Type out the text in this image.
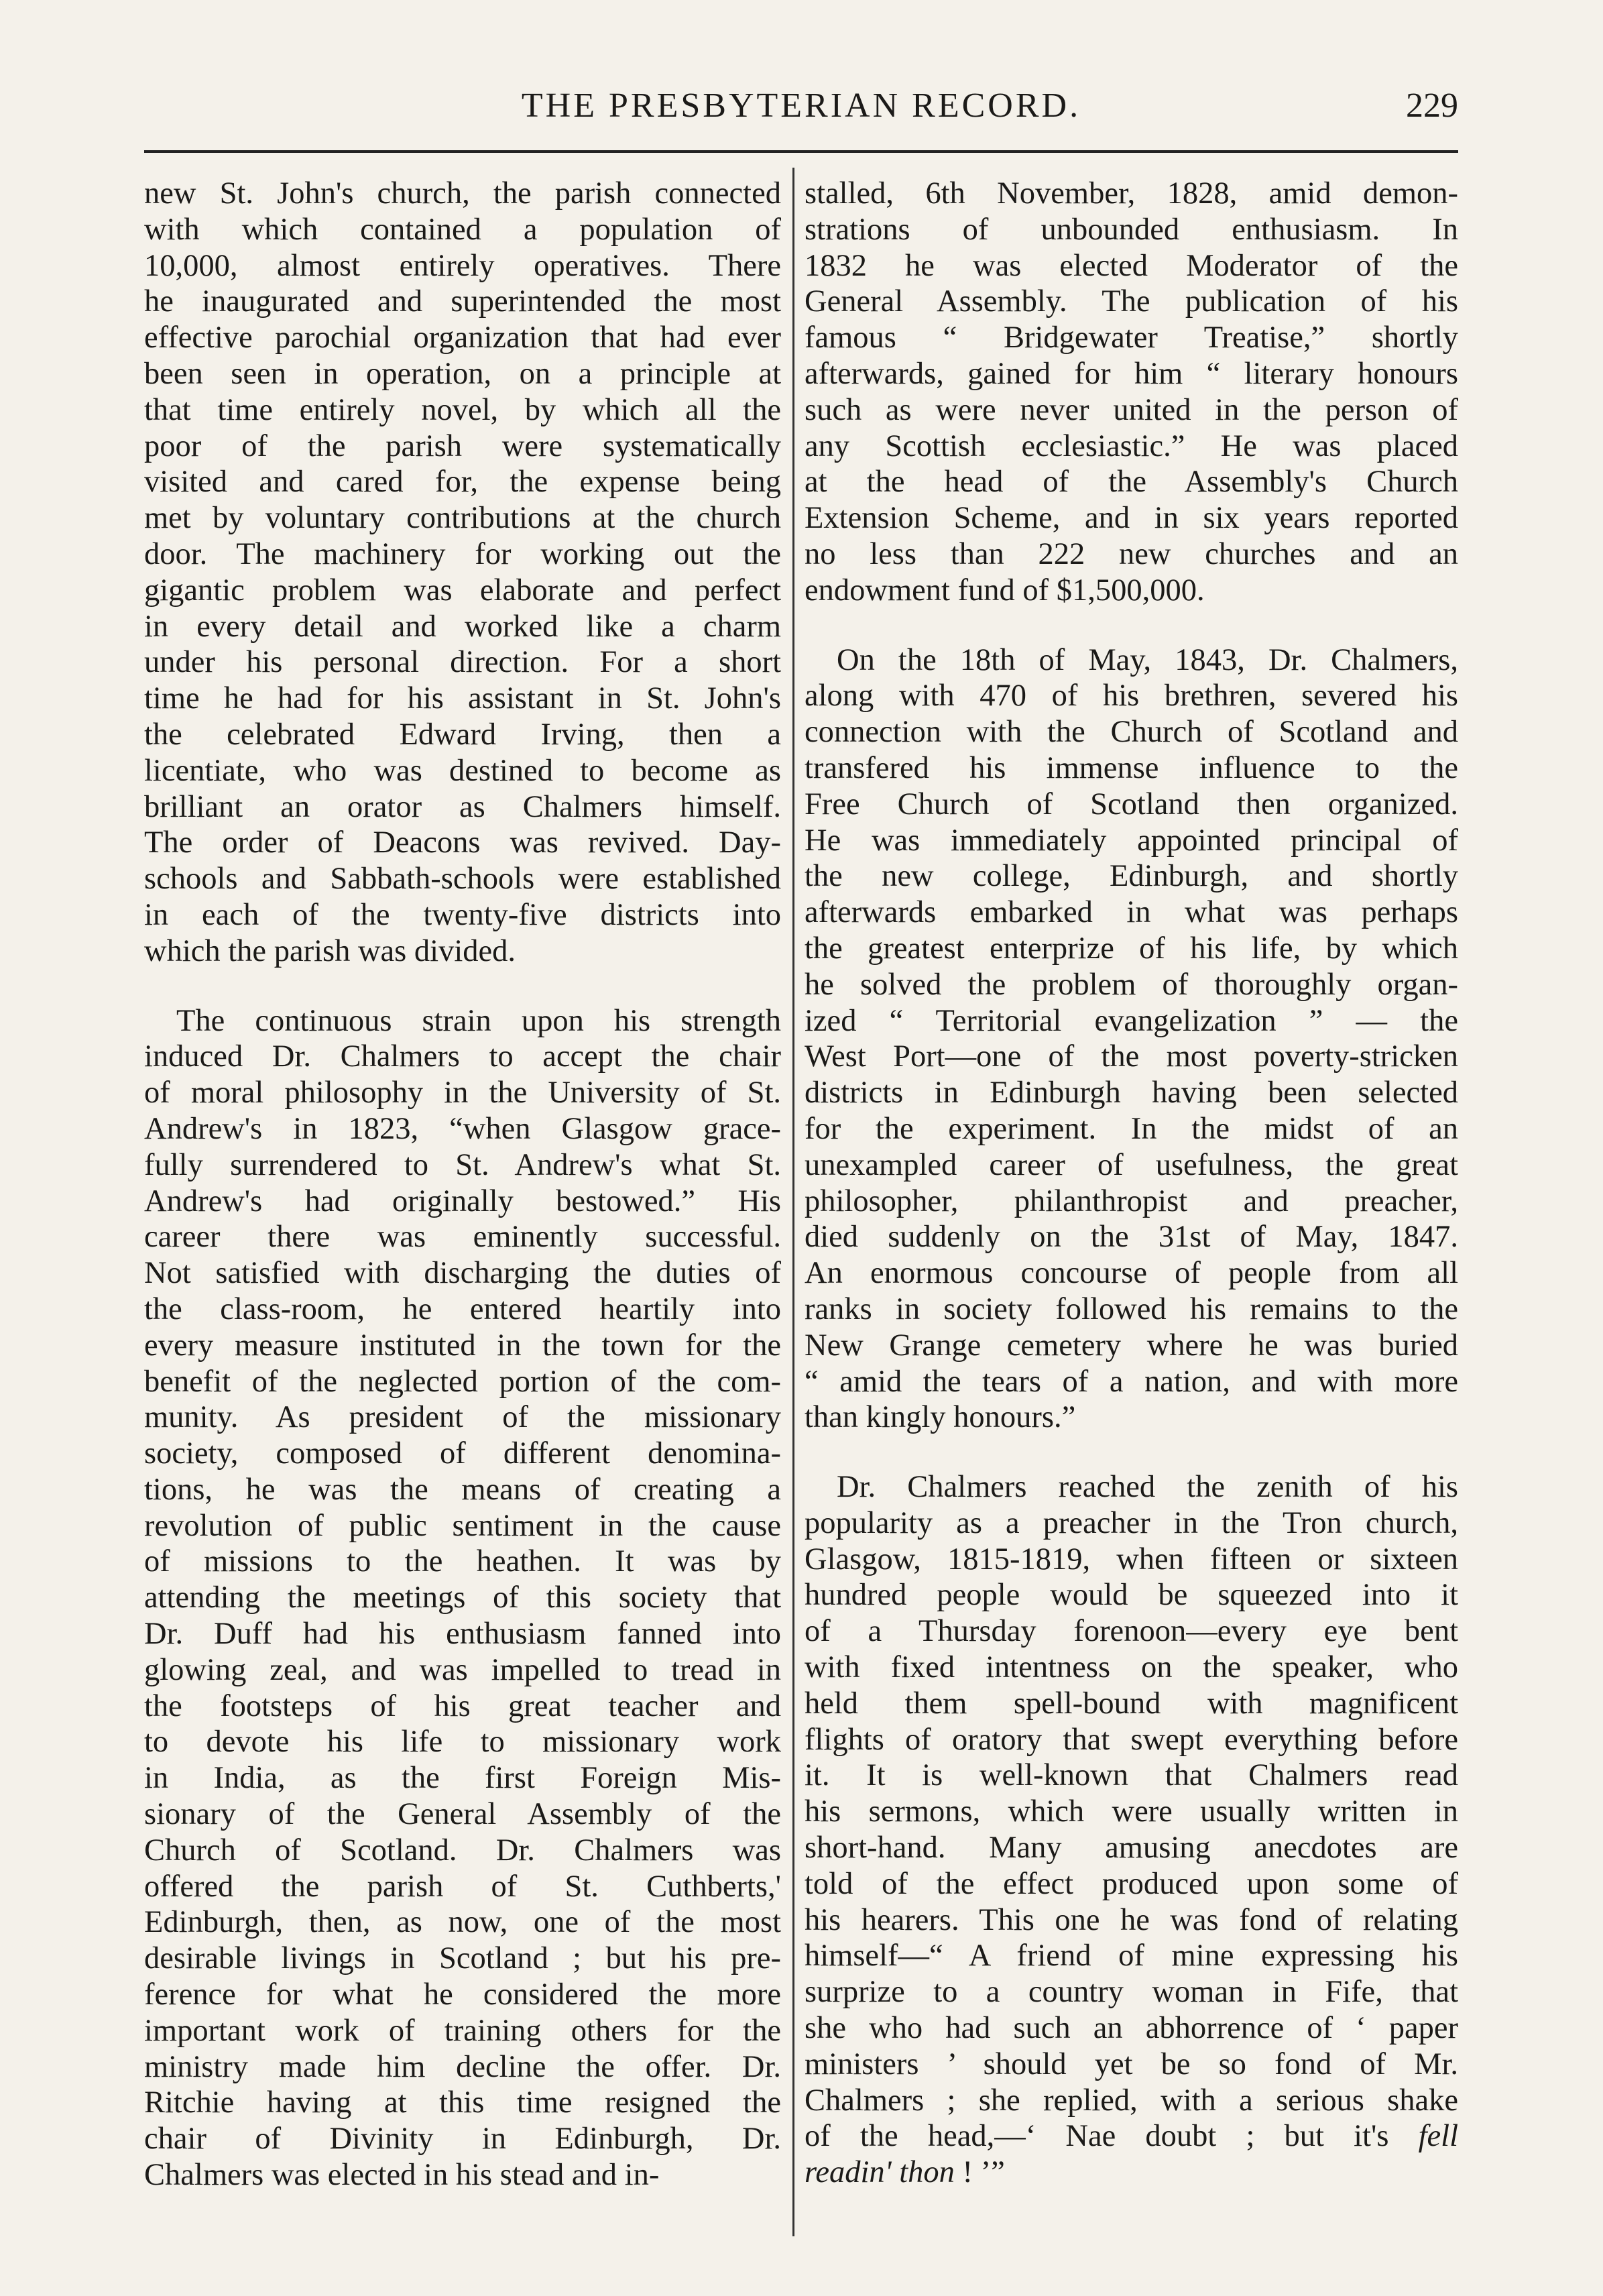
THE PRESBYTERIAN RECORD.	229
new St. John's church, the parish connected
with which contained a population of
10,000, almost entirely operatives. There
he inaugurated and superintended the most
effective parochial organization that had ever
been seen in operation, on a principle at
that time entirely novel, by which all the
poor of the parish were systematically
visited and cared for, the expense being
met by voluntary contributions at the church
door. The machinery for working out the
gigantic problem was elaborate and perfect
in every detail and worked like a charm
under his personal direction. For a short
time he had for his assistant in St. John's
the celebrated Edward Irving, then a
licentiate, who was destined to become as
brilliant an orator as Chalmers himself.
The order of Deacons was revived. Day-
schools and Sabbath-schools were established
in each of the twenty-five districts into
which the parish was divided.
The continuous strain upon his strength
induced Dr. Chalmers to accept the chair
of moral philosophy in the University of St.
Andrew's in 1823, “when Glasgow grace-
fully surrendered to St. Andrew's what St.
Andrew's had originally bestowed.” His
career there was eminently successful.
Not satisfied with discharging the duties of
the class-room, he entered heartily into
every measure instituted in the town for the
benefit of the neglected portion of the com-
munity. As president of the missionary
society, composed of different denomina-
tions, he was the means of creating a
revolution of public sentiment in the cause
of missions to the heathen. It was by
attending the meetings of this society that
Dr. Duff had his enthusiasm fanned into
glowing zeal, and was impelled to tread in
the footsteps of his great teacher and
to devote his life to missionary work
in India, as the first Foreign Mis-
sionary of the General Assembly of the
Church of Scotland. Dr. Chalmers was
offered the parish of St. Cuthberts,'
Edinburgh, then, as now, one of the most
desirable livings in Scotland ; but his pre-
ference for what he considered the more
important work of training others for the
ministry made him decline the offer. Dr.
Ritchie having at this time resigned the
chair of Divinity in Edinburgh, Dr.
Chalmers was elected in his stead and in-
stalled, 6th November, 1828, amid demon-
strations of unbounded enthusiasm. In
1832 he was elected Moderator of the
General Assembly. The publication of his
famous “ Bridgewater Treatise,” shortly
afterwards, gained for him “ literary honours
such as were never united in the person of
any Scottish ecclesiastic.” He was placed
at the head of the Assembly's Church
Extension Scheme, and in six years reported
no less than 222 new churches and an
endowment fund of $1,500,000.
On the 18th of May, 1843, Dr. Chalmers,
along with 470 of his brethren, severed his
connection with the Church of Scotland and
transfered his immense influence to the
Free Church of Scotland then organized.
He was immediately appointed principal of
the new college, Edinburgh, and shortly
afterwards embarked in what was perhaps
the greatest enterprize of his life, by which
he solved the problem of thoroughly organ-
ized “ Territorial evangelization ” — the
West Port—one of the most poverty-stricken
districts in Edinburgh having been selected
for the experiment. In the midst of an
unexampled career of usefulness, the great
philosopher, philanthropist and preacher,
died suddenly on the 31st of May, 1847.
An enormous concourse of people from all
ranks in society followed his remains to the
New Grange cemetery where he was buried
“ amid the tears of a nation, and with more
than kingly honours.”
Dr. Chalmers reached the zenith of his
popularity as a preacher in the Tron church,
Glasgow, 1815-1819, when fifteen or sixteen
hundred people would be squeezed into it
of a Thursday forenoon—every eye bent
with fixed intentness on the speaker, who
held them spell-bound with magnificent
flights of oratory that swept everything before
it. It is well-known that Chalmers read
his sermons, which were usually written in
short-hand. Many amusing anecdotes are
told of the effect produced upon some of
his hearers. This one he was fond of relating
himself—“ A friend of mine expressing his
surprize to a country woman in Fife, that
she who had such an abhorrence of ‘ paper
ministers ’ should yet be so fond of Mr.
Chalmers ; she replied, with a serious shake
of the head,—‘ Nae doubt ; but it's fell
readin' thon ! ’”
